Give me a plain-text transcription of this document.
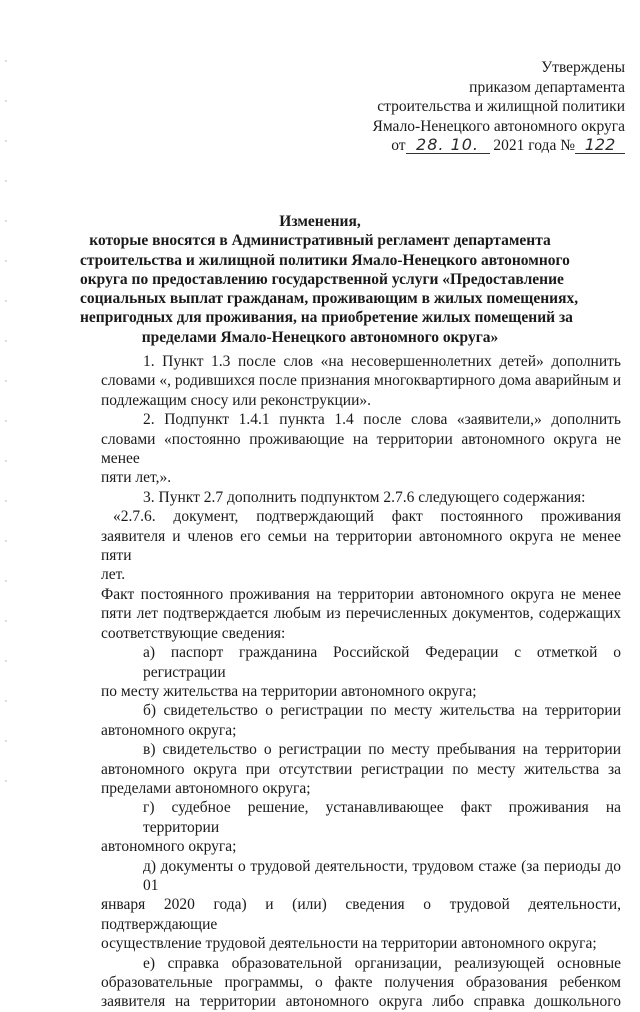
Утверждены
приказом департамента
строительства и жилищной политики
Ямало-Ненецкого автономного округа
от 28. 10. 2021 года № 122
Изменения,
которые вносятся в Административный регламент департамента
строительства и жилищной политики Ямало-Ненецкого автономного
округа по предоставлению государственной услуги «Предоставление
социальных выплат гражданам, проживающим в жилых помещениях,
непригодных для проживания, на приобретение жилых помещений за
пределами Ямало-Ненецкого автономного округа»
1. Пункт 1.3 после слов «на несовершеннолетних детей» дополнить
словами «, родившихся после признания многоквартирного дома аварийным и
подлежащим сносу или реконструкции».
2. Подпункт 1.4.1 пункта 1.4 после слова «заявители,» дополнить
словами «постоянно проживающие на территории автономного округа не менее
пяти лет,».
3. Пункт 2.7 дополнить подпунктом 2.7.6 следующего содержания:
«2.7.6. документ, подтверждающий факт постоянного проживания
заявителя и членов его семьи на территории автономного округа не менее пяти
лет.
Факт постоянного проживания на территории автономного округа не менее
пяти лет подтверждается любым из перечисленных документов, содержащих
соответствующие сведения:
а) паспорт гражданина Российской Федерации с отметкой о регистрации
по месту жительства на территории автономного округа;
б) свидетельство о регистрации по месту жительства на территории
автономного округа;
в) свидетельство о регистрации по месту пребывания на территории
автономного округа при отсутствии регистрации по месту жительства за
пределами автономного округа;
г) судебное решение, устанавливающее факт проживания на территории
автономного округа;
д) документы о трудовой деятельности, трудовом стаже (за периоды до 01
января 2020 года) и (или) сведения о трудовой деятельности, подтверждающие
осуществление трудовой деятельности на территории автономного округа;
е) справка образовательной организации, реализующей основные
образовательные программы, о факте получения образования ребенком
заявителя на территории автономного округа либо справка дошкольного
